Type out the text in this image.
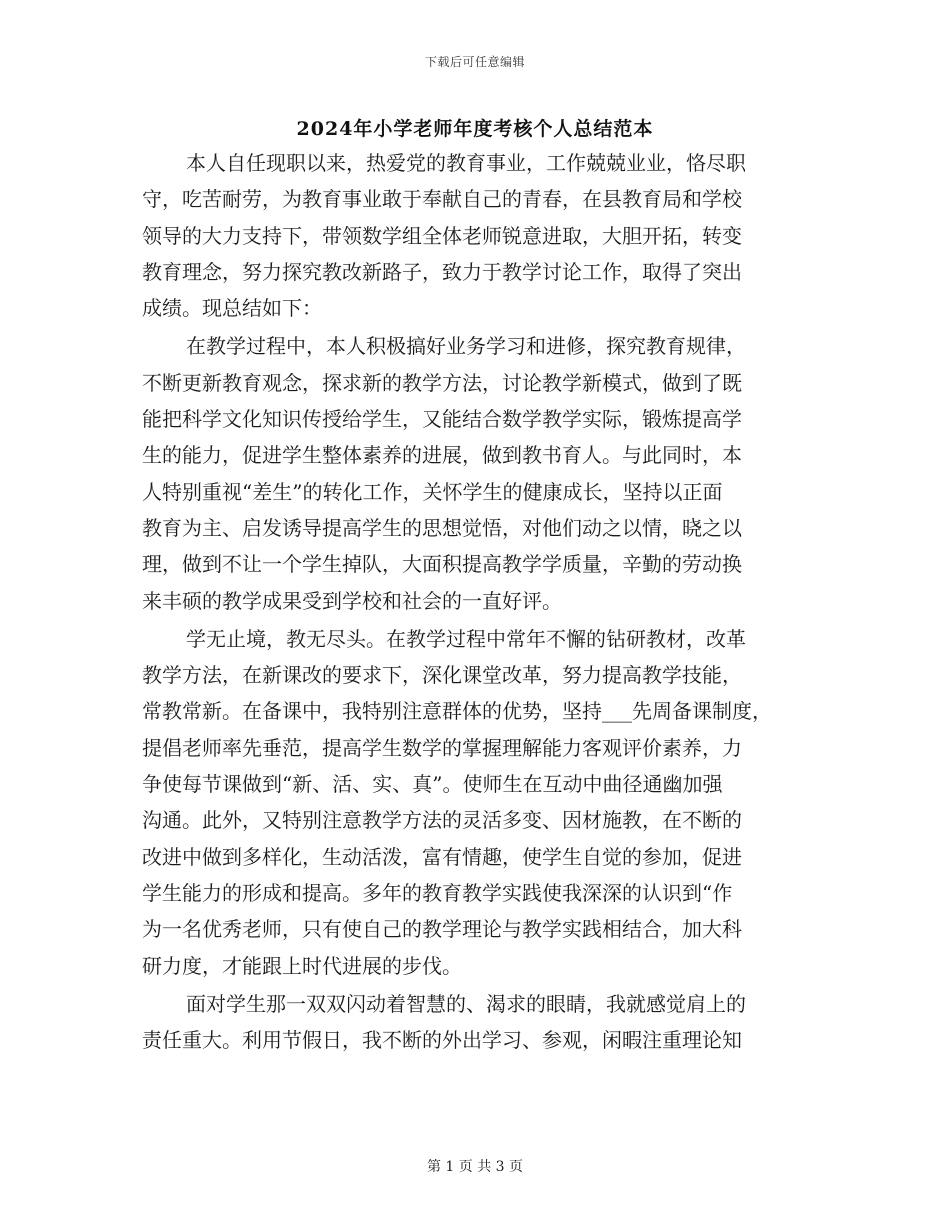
下载后可任意编辑
2024年小学老师年度考核个人总结范本
本人自任现职以来，热爱党的教育事业，工作兢兢业业，恪尽职
守，吃苦耐劳，为教育事业敢于奉献自己的青春，在县教育局和学校
领导的大力支持下，带领数学组全体老师锐意进取，大胆开拓，转变
教育理念，努力探究教改新路子，致力于教学讨论工作，取得了突出
成绩。现总结如下：
在教学过程中，本人积极搞好业务学习和进修，探究教育规律，
不断更新教育观念，探求新的教学方法，讨论教学新模式，做到了既
能把科学文化知识传授给学生，又能结合数学教学实际，锻炼提高学
生的能力，促进学生整体素养的进展，做到教书育人。与此同时，本
人特别重视“差生”的转化工作，关怀学生的健康成长，坚持以正面
教育为主、启发诱导提高学生的思想觉悟，对他们动之以情，晓之以
理，做到不让一个学生掉队，大面积提高教学学质量，辛勤的劳动换
来丰硕的教学成果受到学校和社会的一直好评。
学无止境，教无尽头。在教学过程中常年不懈的钻研教材，改革
教学方法，在新课改的要求下，深化课堂改革，努力提高教学技能，
常教常新。在备课中，我特别注意群体的优势，坚持___先周备课制度，
提倡老师率先垂范，提高学生数学的掌握理解能力客观评价素养，力
争使每节课做到“新、活、实、真”。使师生在互动中曲径通幽加强
沟通。此外，又特别注意教学方法的灵活多变、因材施教，在不断的
改进中做到多样化，生动活泼，富有情趣，使学生自觉的参加，促进
学生能力的形成和提高。多年的教育教学实践使我深深的认识到“作
为一名优秀老师，只有使自己的教学理论与教学实践相结合，加大科
研力度，才能跟上时代进展的步伐。
面对学生那一双双闪动着智慧的、渴求的眼睛，我就感觉肩上的
责任重大。利用节假日，我不断的外出学习、参观，闲暇注重理论知
第 1 页 共 3 页
